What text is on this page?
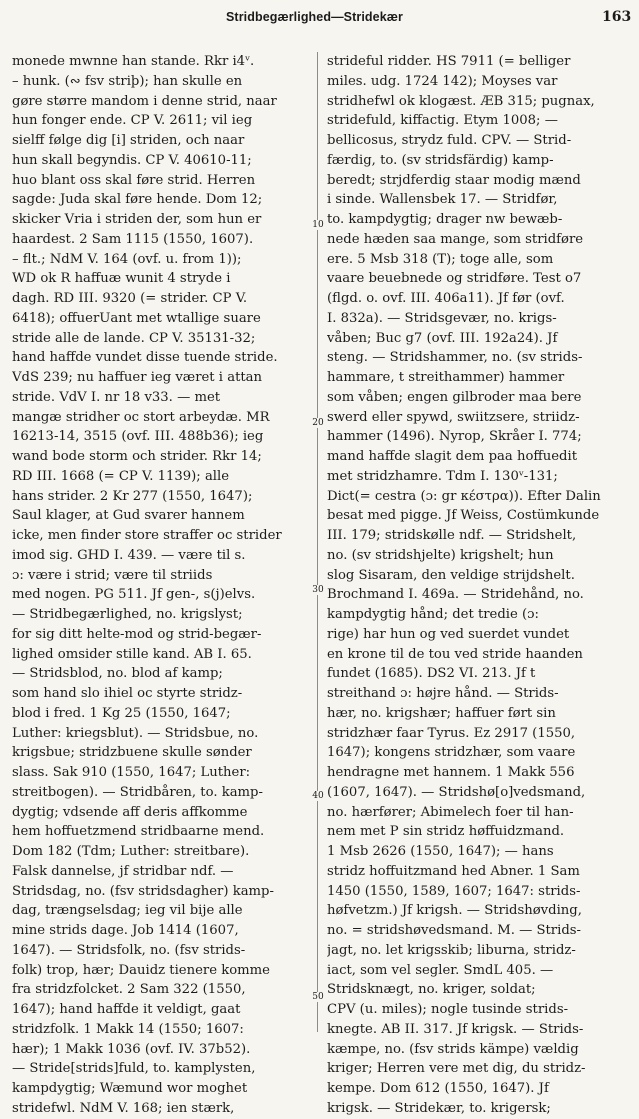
Stridbegærlighed—Stridekær	163
monede mwnne han stande. Rkr i4ᵛ.
– hunk. (∾ fsv striþ); han skulle en
gøre større mandom i denne strid, naar
hun fonger ende. CP V. 2611; vil ieg
sielff følge dig [i] striden, och naar
hun skall begyndis. CP V. 40610-11;
huo blant oss skal føre strid. Herren
sagde: Juda skal føre hende. Dom 12;
skicker Vria i striden der, som hun er
haardest. 2 Sam 1115 (1550, 1607).
– flt.; NdM V. 164 (ovf. u. from 1));
WD ok R haffuæ wunit 4 stryde i
dagh. RD III. 9320 (= strider. CP V.
6418); offuerUant met wtallige suare
stride alle de lande. CP V. 35131-32;
hand haffde vundet disse tuende stride.
VdS 239; nu haffuer ieg været i attan
stride. VdV I. nr 18 v33. — met
mangæ stridher oc stort arbeydæ. MR
16213-14, 3515 (ovf. III. 488b36); ieg
wand bode storm och strider. Rkr 14;
RD III. 1668 (= CP V. 1139); alle
hans strider. 2 Kr 277 (1550, 1647);
Saul klager, at Gud svarer hannem
icke, men finder store straffer oc strider
imod sig. GHD I. 439. — være til s.
ɔ: være i strid; være til striids
med nogen. PG 511. Jf gen-, s(j)elvs.
— Stridbegærlighed, no. krigslyst;
for sig ditt helte-mod og strid-begær-
lighed omsider stille kand. AB I. 65.
— Stridsblod, no. blod af kamp;
som hand slo ihiel oc styrte stridz-
blod i fred. 1 Kg 25 (1550, 1647;
Luther: kriegsblut). — Stridsbue, no.
krigsbue; stridzbuene skulle sønder
slass. Sak 910 (1550, 1647; Luther:
streitbogen). — Stridbåren, to. kamp-
dygtig; vdsende aff deris affkomme
hem hoffuetzmend stridbaarne mend.
Dom 182 (Tdm; Luther: streitbare).
Falsk dannelse, jf stridbar ndf. —
Stridsdag, no. (fsv stridsdagher) kamp-
dag, trængselsdag; ieg vil bije alle
mine strids dage. Job 1414 (1607,
1647). — Stridsfolk, no. (fsv strids-
folk) trop, hær; Dauidz tienere komme
fra stridzfolcket. 2 Sam 322 (1550,
1647); hand haffde it veldigt, gaat
stridzfolk. 1 Makk 14 (1550; 1607:
hær); 1 Makk 1036 (ovf. IV. 37b52).
— Stride[strids]fuld, to. kamplysten,
kampdygtig; Wæmund wor moghet
stridefwl. NdM V. 168; ien stærk,
strideful ridder. HS 7911 (= belliger
miles. udg. 1724 142); Moyses var
stridhefwl ok klogæst. ÆB 315; pugnax,
stridefuld, kiffactig. Etym 1008; —
bellicosus, strydz fuld. CPV. — Strid-
færdig, to. (sv stridsfärdig) kamp-
beredt; strjdferdig staar modig mænd
i sinde. Wallensbek 17. — Stridfør,
to. kampdygtig; drager nw bewæb-
nede hæden saa mange, som stridføre
ere. 5 Msb 318 (T); toge alle, som
vaare beuebnede og stridføre. Test o7
(flgd. o. ovf. III. 406a11). Jf før (ovf.
I. 832a). — Stridsgevær, no. krigs-
våben; Buc g7 (ovf. III. 192a24). Jf
steng. — Stridshammer, no. (sv strids-
hammare, t streithammer) hammer
som våben; engen gilbroder maa bere
swerd eller spywd, swiitzsere, striidz-
hammer (1496). Nyrop, Skråer I. 774;
mand haffde slagit dem paa hoffuedit
met stridzhamre. Tdm I. 130ᵛ-131;
Dict(= cestra (ɔ: gr κέστρα)). Efter Dalin
besat med pigge. Jf Weiss, Costümkunde
III. 179; stridskølle ndf. — Stridshelt,
no. (sv stridshjelte) krigshelt; hun
slog Sisaram, den veldige strijdshelt.
Brochmand I. 469a. — Stridehånd, no.
kampdygtig hånd; det tredie (ɔ:
rige) har hun og ved suerdet vundet
en krone til de tou ved stride haanden
fundet (1685). DS2 VI. 213. Jf t
streithand ɔ: højre hånd. — Strids-
hær, no. krigshær; haffuer ført sin
stridzhær faar Tyrus. Ez 2917 (1550,
1647); kongens stridzhær, som vaare
hendragne met hannem. 1 Makk 556
(1607, 1647). — Stridshø[o]vedsmand,
no. hærfører; Abimelech foer til han-
nem met P sin stridz høffuidzmand.
1 Msb 2626 (1550, 1647); — hans
stridz hoffuitzmand hed Abner. 1 Sam
1450 (1550, 1589, 1607; 1647: strids-
høfvetzm.) Jf krigsh. — Stridshøvding,
no. = stridshøvedsmand. M. — Strids-
jagt, no. let krigsskib; liburna, stridz-
iact, som vel segler. SmdL 405. —
Stridsknægt, no. kriger, soldat;
CPV (u. miles); nogle tusinde strids-
knegte. AB II. 317. Jf krigsk. — Strids-
kæmpe, no. (fsv strids kämpe) vældig
kriger; Herren vere met dig, du stridz-
kempe. Dom 612 (1550, 1647). Jf
krigsk. — Stridekær, to. krigersk;
10
20
30
40
50
